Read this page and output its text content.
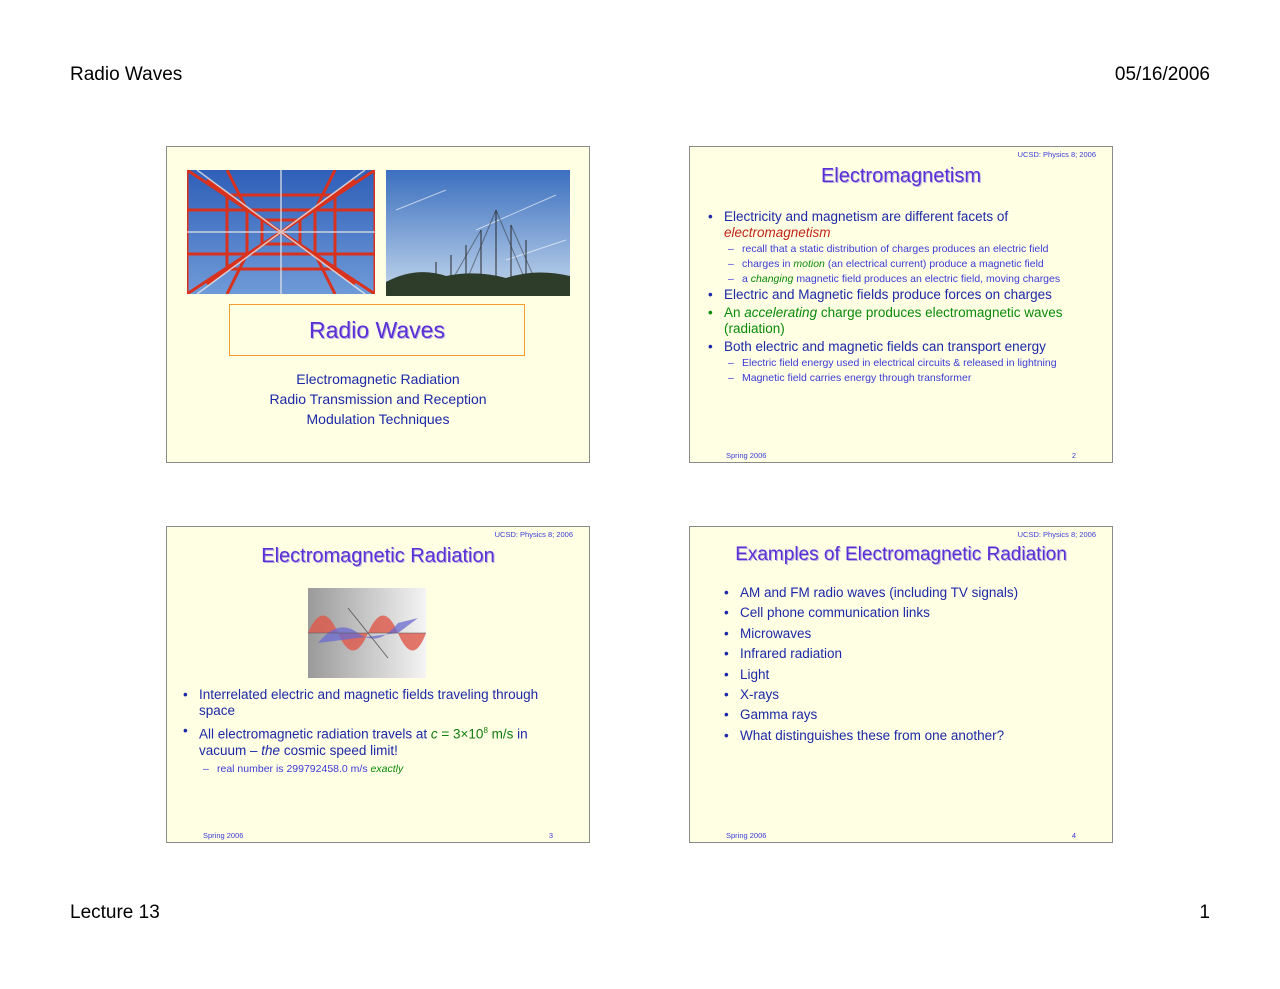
Radio Waves	05/16/2006
Lecture 13	1
Radio Waves
Electromagnetic Radiation
Radio Transmission and Reception
Modulation Techniques
UCSD: Physics 8; 2006
Electromagnetism
• Electricity and magnetism are different facets of
electromagnetism
– recall that a static distribution of charges produces an electric field
– charges in motion (an electrical current) produce a magnetic field
– a changing magnetic field produces an electric field, moving charges
• Electric and Magnetic fields produce forces on charges
• An accelerating charge produces electromagnetic waves (radiation)
• Both electric and magnetic fields can transport energy
– Electric field energy used in electrical circuits & released in lightning
– Magnetic field carries energy through transformer
Spring 2006	2
UCSD: Physics 8; 2006
Electromagnetic Radiation
• Interrelated electric and magnetic fields traveling through space
• All electromagnetic radiation travels at $c = 3\times 10^8$ m/s in vacuum – the cosmic speed limit!
– real number is 299792458.0 m/s exactly
Spring 2006	3
UCSD: Physics 8; 2006
Examples of Electromagnetic Radiation
• AM and FM radio waves (including TV signals)
• Cell phone communication links
• Microwaves
• Infrared radiation
• Light
• X-rays
• Gamma rays
• What distinguishes these from one another?
Spring 2006	4
